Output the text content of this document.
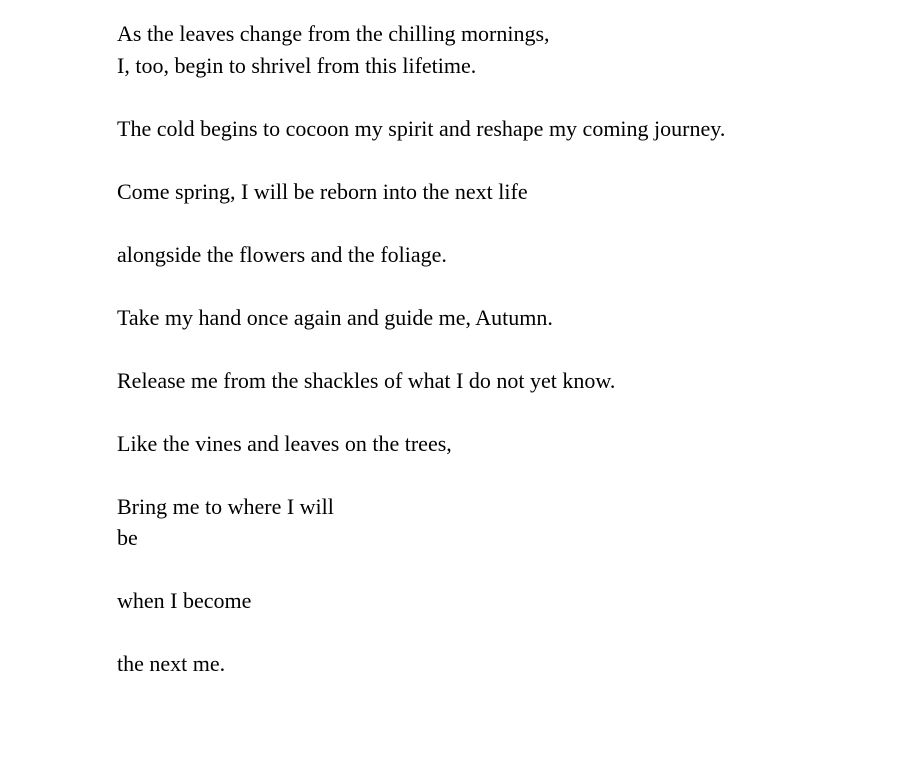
As the leaves change from the chilling mornings,
I, too, begin to shrivel from this lifetime.

The cold begins to cocoon my spirit and reshape my coming journey.

Come spring, I will be reborn into the next life

alongside the flowers and the foliage.

Take my hand once again and guide me, Autumn.

Release me from the shackles of what I do not yet know.

Like the vines and leaves on the trees,

Bring me to where I will
be

when I become

the next me.
